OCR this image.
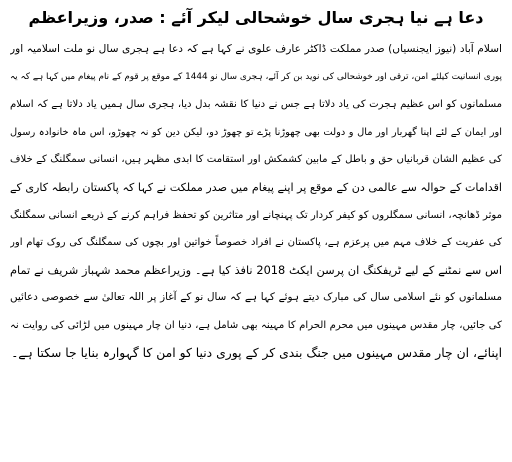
دعا ہے نیا ہجری سال خوشحالی لیکر آئے : صدر، وزیراعظم
اسلام آباد (نیوز ایجنسیاں) صدر مملکت ڈاکٹر عارف علوی نے کہا ہے کہ دعا ہے ہجری سال نو ملت اسلامیہ اور
پوری انسانیت کیلئے امن، ترقی اور خوشحالی کی نوید بن کر آئے، ہجری سال نو 1444 کے موقع پر قوم کے نام پیغام میں کہا ہے کہ یہ
مسلمانوں کو اس عظیم ہجرت کی یاد دلاتا ہے جس نے دنیا کا نقشہ بدل دیا، ہجری سال ہمیں یاد دلاتا ہے کہ اسلام
اور ایمان کے لئے اپنا گھربار اور مال و دولت بھی چھوڑنا پڑے تو چھوڑ دو، لیکن دین کو نہ چھوڑو، اس ماہ خانوادہ رسول
کی عظیم الشان قربانیاں حق و باطل کے مابین کشمکش اور استقامت کا ابدی مظہر ہیں، انسانی سمگلنگ کے خلاف
اقدامات کے حوالہ سے عالمی دن کے موقع پر اپنے پیغام میں صدر مملکت نے کہا کہ پاکستان رابطہ کاری کے
موثر ڈھانچہ، انسانی سمگلروں کو کیفر کردار تک پہنچانے اور متاثرین کو تحفظ فراہم کرنے کے ذریعے انسانی سمگلنگ
کی عفریت کے خلاف مہم میں پرعزم ہے، پاکستان نے افراد خصوصاً خواتین اور بچوں کی سمگلنگ کی روک تھام اور
اس سے نمٹنے کے لیے ٹریفکنگ ان پرسن ایکٹ 2018 نافذ کیا ہے۔ وزیراعظم محمد شہباز شریف نے تمام
مسلمانوں کو نئے اسلامی سال کی مبارک دیتے ہوئے کہا ہے کہ سال نو کے آغاز پر اللہ تعالیٰ سے خصوصی دعائیں
کی جائیں، چار مقدس مہینوں میں محرم الحرام کا مہینہ بھی شامل ہے، دنیا ان چار مہینوں میں لڑائی کی روایت نہ
اپنائے، ان چار مقدس مہینوں میں جنگ بندی کر کے پوری دنیا کو امن کا گہوارہ بنایا جا سکتا ہے۔
